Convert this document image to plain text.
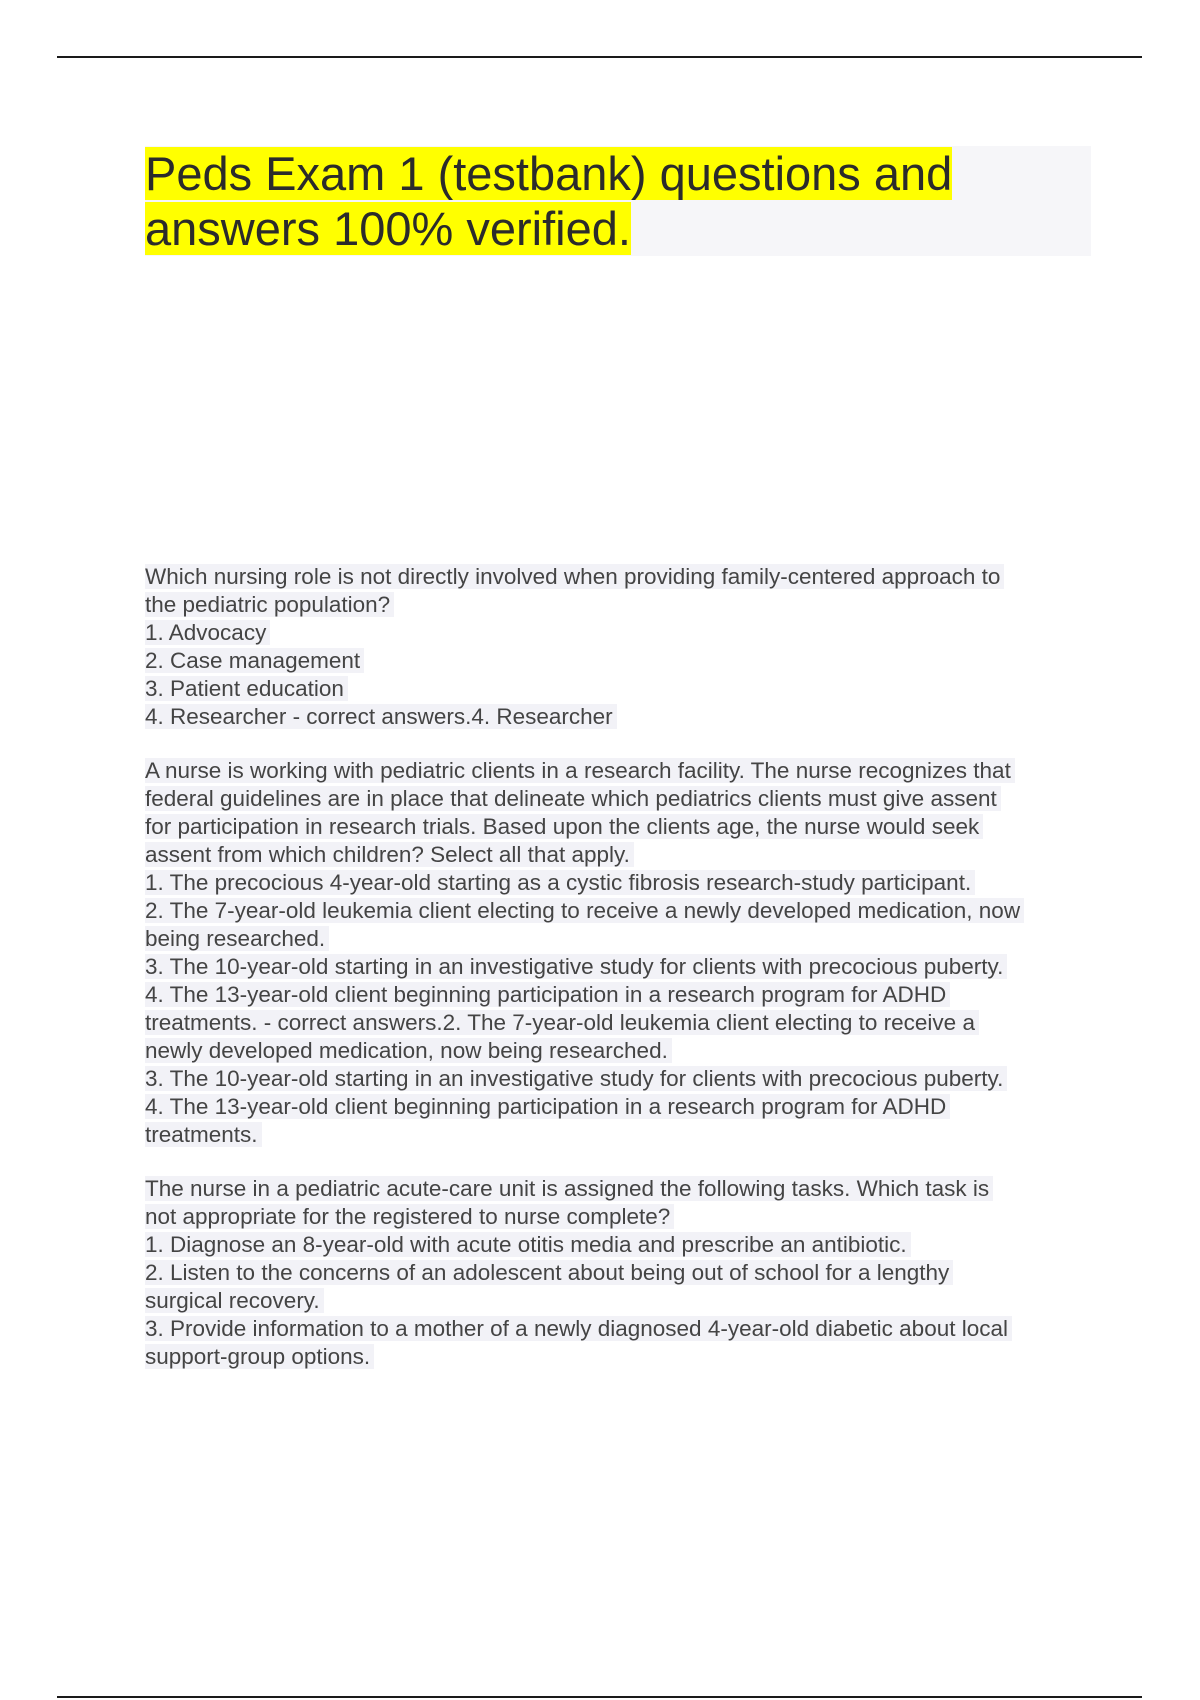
Peds Exam 1 (testbank) questions and
answers 100% verified.
Which nursing role is not directly involved when providing family-centered approach to
the pediatric population?
1. Advocacy
2. Case management
3. Patient education
4. Researcher - correct answers.4. Researcher
A nurse is working with pediatric clients in a research facility. The nurse recognizes that
federal guidelines are in place that delineate which pediatrics clients must give assent
for participation in research trials. Based upon the clients age, the nurse would seek
assent from which children? Select all that apply.
1. The precocious 4-year-old starting as a cystic fibrosis research-study participant.
2. The 7-year-old leukemia client electing to receive a newly developed medication, now
being researched.
3. The 10-year-old starting in an investigative study for clients with precocious puberty.
4. The 13-year-old client beginning participation in a research program for ADHD
treatments. - correct answers.2. The 7-year-old leukemia client electing to receive a
newly developed medication, now being researched.
3. The 10-year-old starting in an investigative study for clients with precocious puberty.
4. The 13-year-old client beginning participation in a research program for ADHD
treatments.
The nurse in a pediatric acute-care unit is assigned the following tasks. Which task is
not appropriate for the registered to nurse complete?
1. Diagnose an 8-year-old with acute otitis media and prescribe an antibiotic.
2. Listen to the concerns of an adolescent about being out of school for a lengthy
surgical recovery.
3. Provide information to a mother of a newly diagnosed 4-year-old diabetic about local
support-group options.
